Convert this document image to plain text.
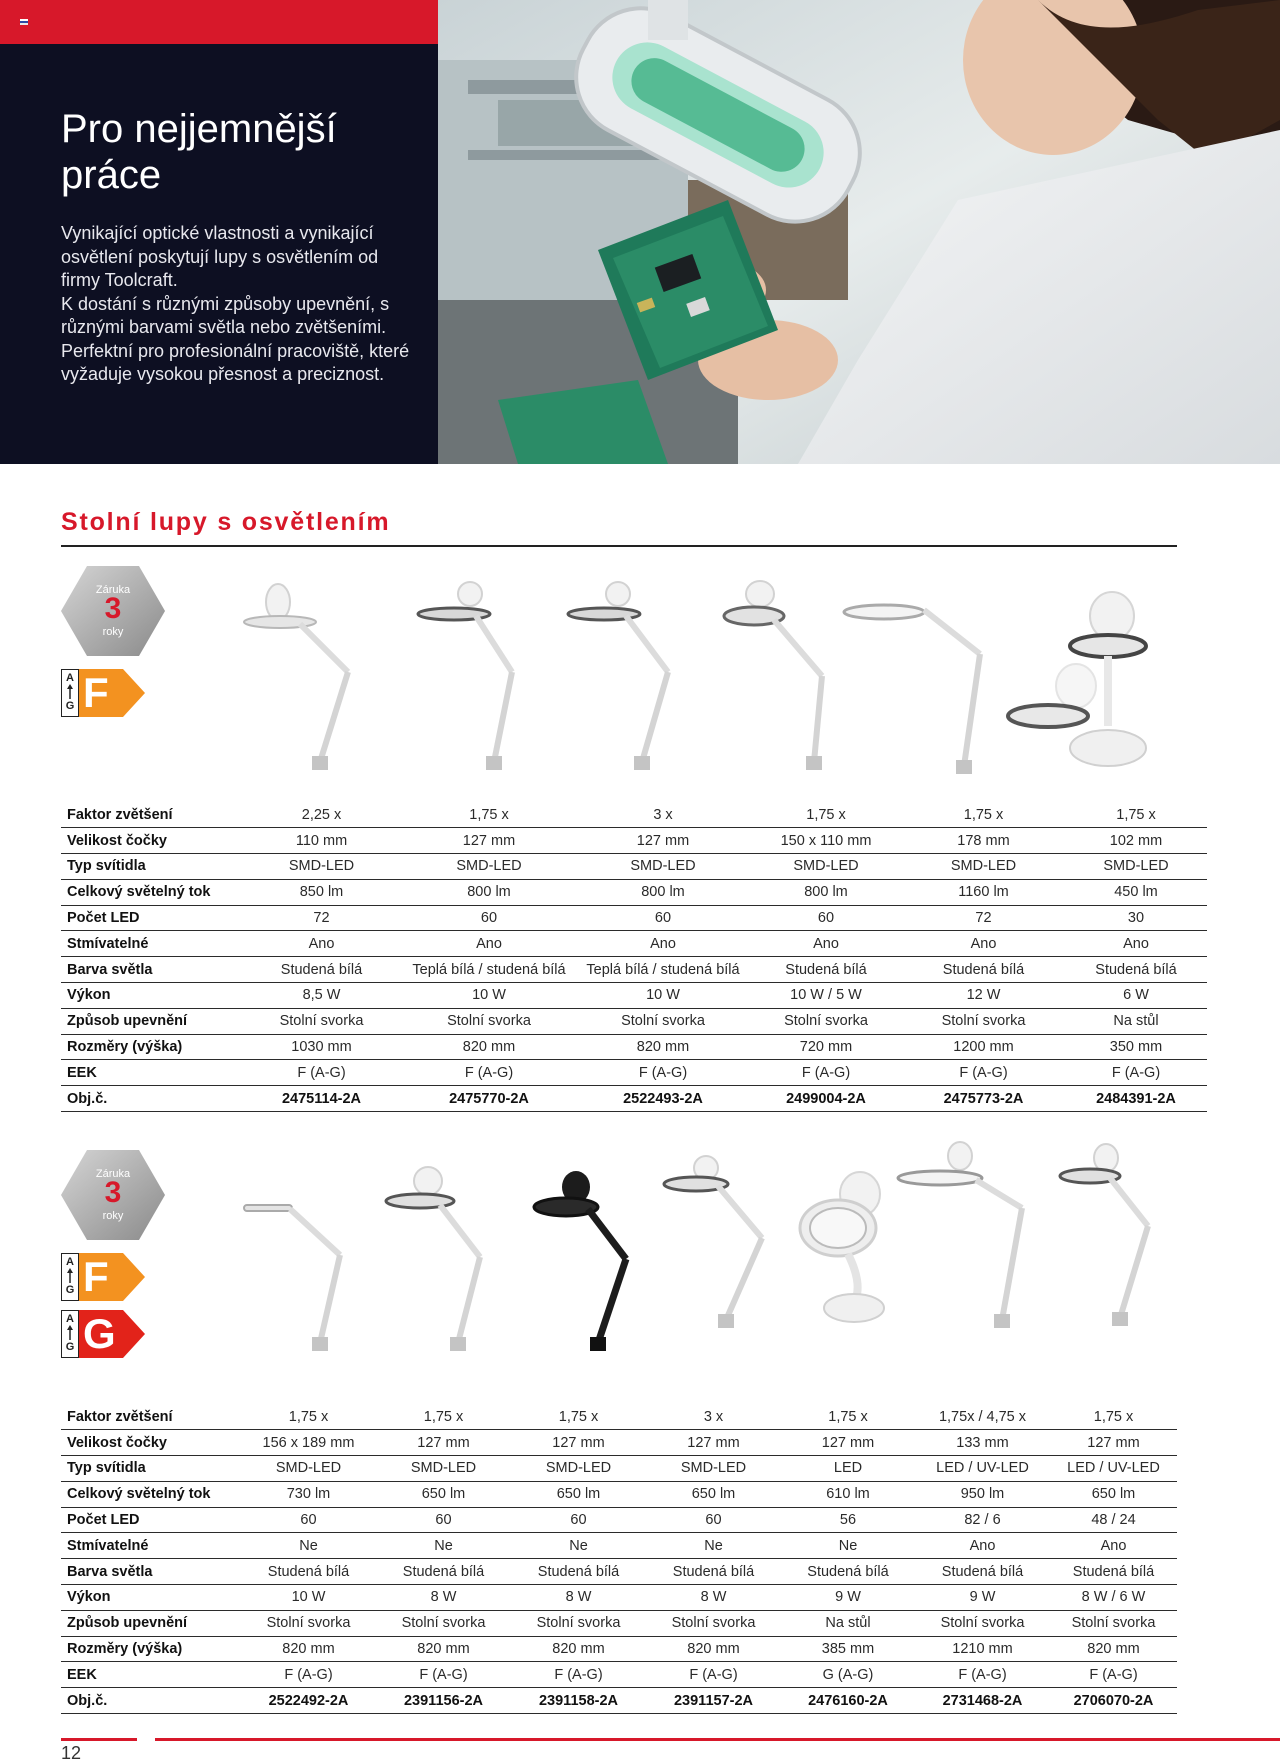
Pro nejjemnější práce

Vynikající optické vlastnosti a vynikající osvětlení poskytují lupy s osvětlením od firmy Toolcraft.
K dostání s různými způsoby upevnění, s různými barvami světla nebo zvětšeními. Perfektní pro profesionální pracoviště, které vyžaduje vysokou přesnost a preciznost.

Stolní lupy s osvětlením
Záruka
3
roky
A
G F
Faktor zvětšení	2,25 x	1,75 x	3 x	1,75 x	1,75 x	1,75 x
Velikost čočky	110 mm	127 mm	127 mm	150 x 110 mm	178 mm	102 mm
Typ svítidla	SMD-LED	SMD-LED	SMD-LED	SMD-LED	SMD-LED	SMD-LED
Celkový světelný tok	850 lm	800 lm	800 lm	800 lm	1160 lm	450 lm
Počet LED	72	60	60	60	72	30
Stmívatelné	Ano	Ano	Ano	Ano	Ano	Ano
Barva světla	Studená bílá	Teplá bílá / studená bílá	Teplá bílá / studená bílá	Studená bílá	Studená bílá	Studená bílá
Výkon	8,5 W	10 W	10 W	10 W / 5 W	12 W	6 W
Způsob upevnění	Stolní svorka	Stolní svorka	Stolní svorka	Stolní svorka	Stolní svorka	Na stůl
Rozměry (výška)	1030 mm	820 mm	820 mm	720 mm	1200 mm	350 mm
EEK	F (A-G)	F (A-G)	F (A-G)	F (A-G)	F (A-G)	F (A-G)
Obj.č.	2475114-2A	2475770-2A	2522493-2A	2499004-2A	2475773-2A	2484391-2A
Záruka
3
roky
A
G F
A
G G
Faktor zvětšení	1,75 x	1,75 x	1,75 x	3 x	1,75 x	1,75x / 4,75 x	1,75 x
Velikost čočky	156 x 189 mm	127 mm	127 mm	127 mm	127 mm	133 mm	127 mm
Typ svítidla	SMD-LED	SMD-LED	SMD-LED	SMD-LED	LED	LED / UV-LED	LED / UV-LED
Celkový světelný tok	730 lm	650 lm	650 lm	650 lm	610 lm	950 lm	650 lm
Počet LED	60	60	60	60	56	82 / 6	48 / 24
Stmívatelné	Ne	Ne	Ne	Ne	Ne	Ano	Ano
Barva světla	Studená bílá	Studená bílá	Studená bílá	Studená bílá	Studená bílá	Studená bílá	Studená bílá
Výkon	10 W	8 W	8 W	8 W	9 W	9 W	8 W / 6 W
Způsob upevnění	Stolní svorka	Stolní svorka	Stolní svorka	Stolní svorka	Na stůl	Stolní svorka	Stolní svorka
Rozměry (výška)	820 mm	820 mm	820 mm	820 mm	385 mm	1210 mm	820 mm
EEK	F (A-G)	F (A-G)	F (A-G)	F (A-G)	G (A-G)	F (A-G)	F (A-G)
Obj.č.	2522492-2A	2391156-2A	2391158-2A	2391157-2A	2476160-2A	2731468-2A	2706070-2A
12
